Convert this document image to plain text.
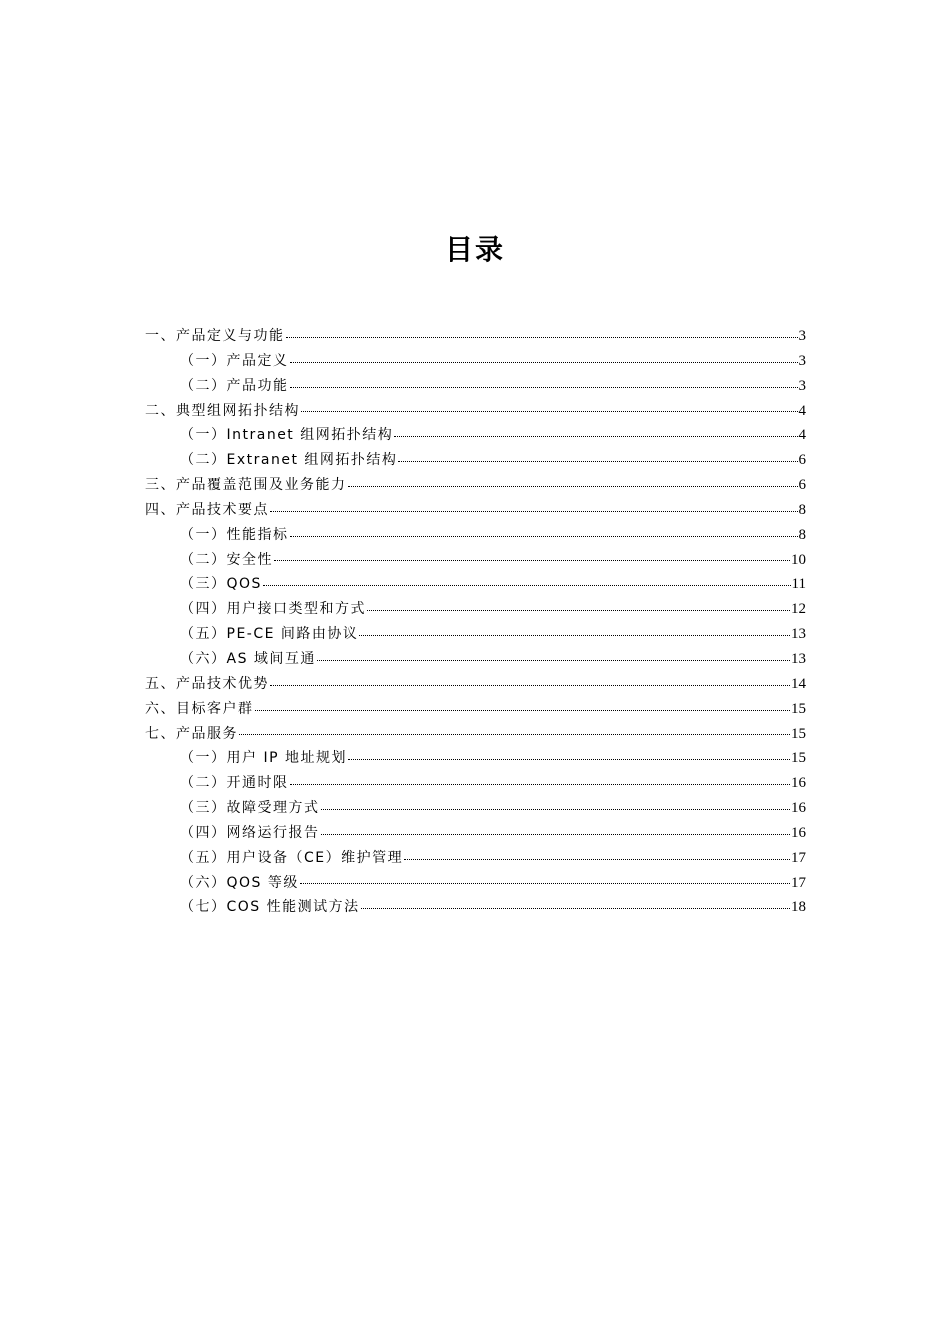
目录
一、产品定义与功能	3
（一）产品定义	3
（二）产品功能	3
二、典型组网拓扑结构	4
（一）Intranet 组网拓扑结构	4
（二）Extranet 组网拓扑结构	6
三、产品覆盖范围及业务能力	6
四、产品技术要点	8
（一）性能指标	8
（二）安全性	10
（三）QOS	11
（四）用户接口类型和方式	12
（五）PE-CE 间路由协议	13
（六）AS 域间互通	13
五、产品技术优势	14
六、目标客户群	15
七、产品服务	15
（一）用户 IP 地址规划	15
（二）开通时限	16
（三）故障受理方式	16
（四）网络运行报告	16
（五）用户设备（CE）维护管理	17
（六）QOS 等级	17
（七）COS 性能测试方法	18
